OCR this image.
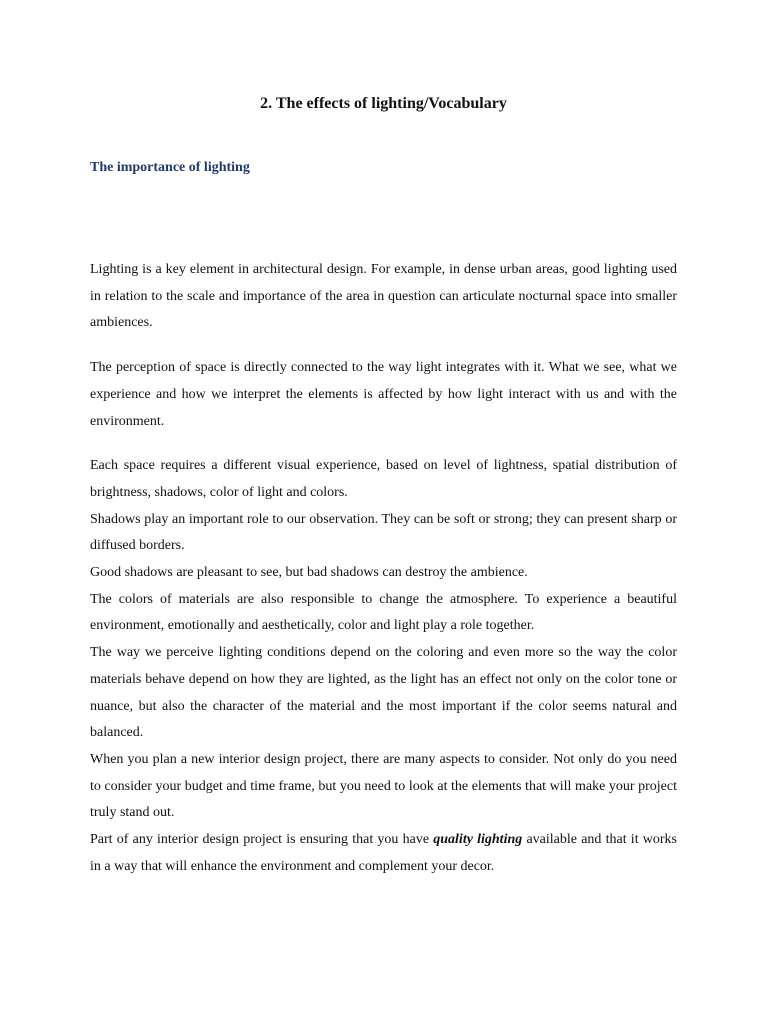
2. The effects of lighting/Vocabulary
The importance of lighting

Lighting is a key element in architectural design. For example, in dense urban areas, good lighting used in relation to the scale and importance of the area in question can articulate nocturnal space into smaller ambiences.

The perception of space is directly connected to the way light integrates with it. What we see, what we experience and how we interpret the elements is affected by how light interact with us and with the environment.

Each space requires a different visual experience, based on level of lightness, spatial distribution of brightness, shadows, color of light and colors.

Shadows play an important role to our observation. They can be soft or strong; they can present sharp or diffused borders.

Good shadows are pleasant to see, but bad shadows can destroy the ambience.

The colors of materials are also responsible to change the atmosphere. To experience a beautiful environment, emotionally and aesthetically, color and light play a role together.

The way we perceive lighting conditions depend on the coloring and even more so the way the color materials behave depend on how they are lighted, as the light has an effect not only on the color tone or nuance, but also the character of the material and the most important if the color seems natural and balanced.

When you plan a new interior design project, there are many aspects to consider. Not only do you need to consider your budget and time frame, but you need to look at the elements that will make your project truly stand out.

Part of any interior design project is ensuring that you have quality lighting available and that it works in a way that will enhance the environment and complement your decor.
